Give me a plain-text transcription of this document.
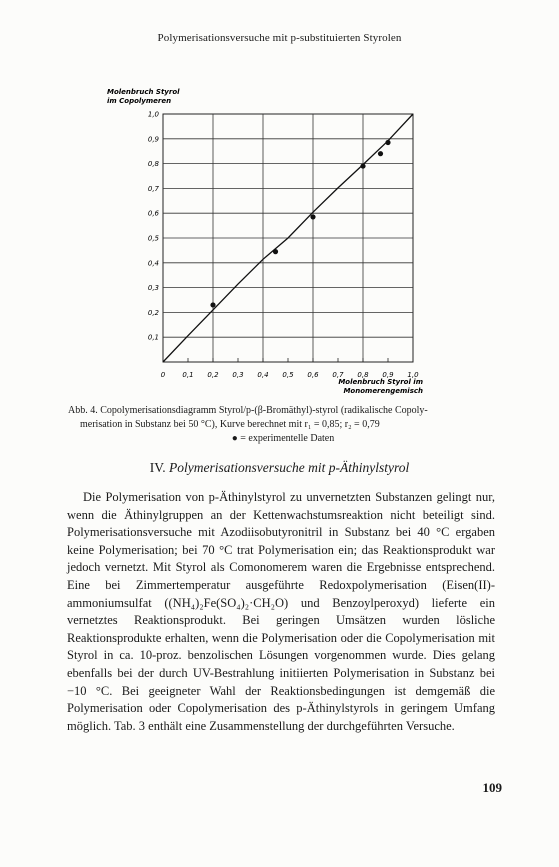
Polymerisationsversuche mit p-substituierten Styrolen
Molenbruch Styrol
im Copolymeren
0 0,1 0,2 0,3 0,4 0,5 0,6 0,7 0,8 0,9 1,0
0,1
0,2
0,3
0,4
0,5
0,6
0,7
0,8
0,9
1,0
Molenbruch Styrol im
Monomerengemisch
Abb. 4. Copolymerisationsdiagramm Styrol/p-(β-Bromäthyl)-styrol (radikalische Copoly-
merisation in Substanz bei 50 °C), Kurve berechnet mit r₁ = 0,85; r₂ = 0,79
● = experimentelle Daten
IV. Polymerisationsversuche mit p-Äthinylstyrol

Die Polymerisation von p-Äthinylstyrol zu unvernetzten Substanzen gelingt nur, wenn die Äthinylgruppen an der Kettenwachstumsreaktion nicht beteiligt sind. Polymerisationsversuche mit Azodiisobutyronitril in Substanz bei 40 °C ergaben keine Polymerisation; bei 70 °C trat Polymerisation ein; das Reaktionsprodukt war jedoch vernetzt. Mit Styrol als Comonomerem waren die Ergebnisse entsprechend. Eine bei Zimmertemperatur ausgeführte Redoxpolymerisation (Eisen(II)-ammoniumsulfat ((NH₄)₂Fe(SO₄)₂·CH₂O) und Benzoylperoxyd) lieferte ein vernetztes Reaktionsprodukt. Bei geringen Umsätzen wurden lösliche Reaktionsprodukte erhalten, wenn die Polymerisation oder die Copolymerisation mit Styrol in ca. 10-proz. benzolischen Lösungen vorgenommen wurde. Dies gelang ebenfalls bei der durch UV-Bestrahlung initiierten Polymerisation in Substanz bei −10 °C. Bei geeigneter Wahl der Reaktionsbedingungen ist demgemäß die Polymerisation oder Copolymerisation des p-Äthinylstyrols in geringem Umfang möglich. Tab. 3 enthält eine Zusammenstellung der durchgeführten Versuche.

109
